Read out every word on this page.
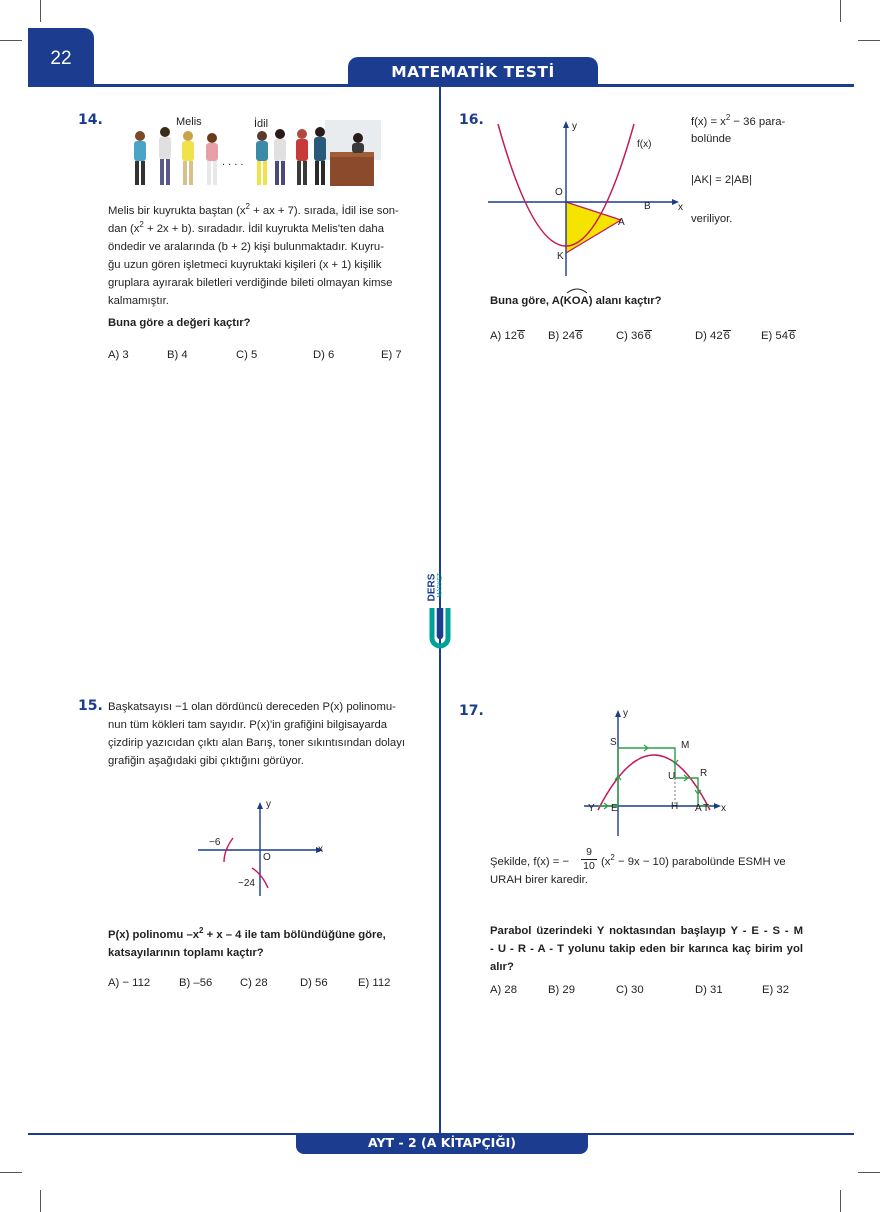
22
MATEMATİK TESTİ
14.	Melis	İdil
. . . .
Melis bir kuyrukta baştan ($x^2$ + ax + 7). sırada, İdil ise son-
dan $(x^2 + 2x + b)$. sıradadır. İdil kuyrukta Melis'ten daha
öndedir ve aralarında (b + 2) kişi bulunmaktadır. Kuyru-
ğu uzun gören işletmeci kuyruktaki kişileri (x + 1) kişilik
gruplara ayırarak biletleri verdiğinde bileti olmayan kimse
kalmamıştır.
Buna göre a değeri kaçtır?
A) 3	B) 4	C) 5	D) 6	E) 7
16.	y
x
f(x)
O
B
A
K
$f(x) = x^2 - 36$ para-
bolünde
|AK| = 2|AB|
veriliyor.
Buna göre, A(
KOA) alanı kaçtır?
A) 126 B) 246	C) 366	D) 426	E) 546
DERS MARKET
15. Başkatsayısı −1 olan dördüncü dereceden P(x) polinomu-
nun tüm kökleri tam sayıdır. P(x)'in grafiğini bilgisayarda
çizdirip yazıcıdan çıktı alan Barış, toner sıkıntısından dolayı
grafiğin aşağıdaki gibi çıktığını görüyor.
y
x
O
−6
−24
P(x) polinomu $-x^2 + x - 4$ ile tam bölündüğüne göre,
katsayılarının toplamı kaçtır?
A) − 112	B) –56 C) 28	D) 56	E) 112
17.	y
x
S	M
U R
Y E	H A T
Şekilde, f(x) = −
9
10 $(x^2 - 9x - 10)$ parabolünde ESMH ve
URAH birer karedir.
Parabol üzerindeki Y noktasından başlayıp Y - E - S - M
- U - R - A - T yolunu takip eden bir karınca kaç birim yol
alır?
A) 28	B) 29	C) 30	D) 31	E) 32
AYT - 2 (A KİTAPÇIĞI)
